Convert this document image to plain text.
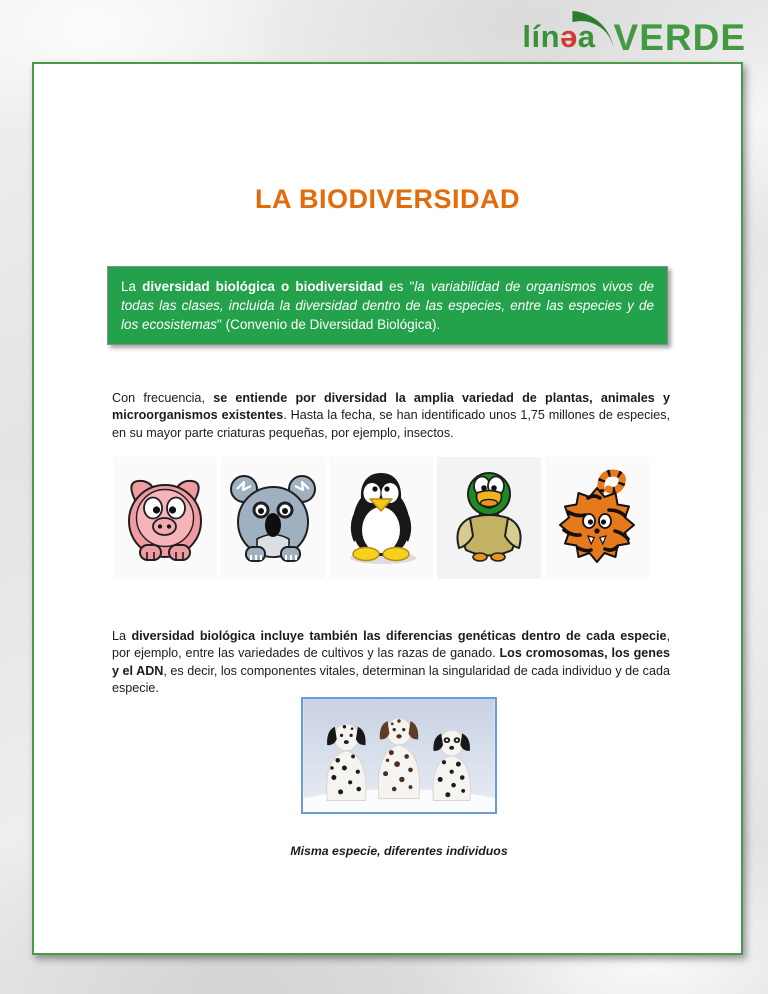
línəa VERDE
LA BIODIVERSIDAD
La diversidad biológica o biodiversidad es "la variabilidad de organismos vivos de todas las clases, incluida la diversidad dentro de las especies, entre las especies y de los ecosistemas" (Convenio de Diversidad Biológica).

Con frecuencia, se entiende por diversidad la amplia variedad de plantas, animales y microorganismos existentes. Hasta la fecha, se han identificado unos 1,75 millones de especies, en su mayor parte criaturas pequeñas, por ejemplo, insectos.

La diversidad biológica incluye también las diferencias genéticas dentro de cada especie, por ejemplo, entre las variedades de cultivos y las razas de ganado. Los cromosomas, los genes y el ADN, es decir, los componentes vitales, determinan la singularidad de cada individuo y de cada especie.

Misma especie, diferentes individuos
